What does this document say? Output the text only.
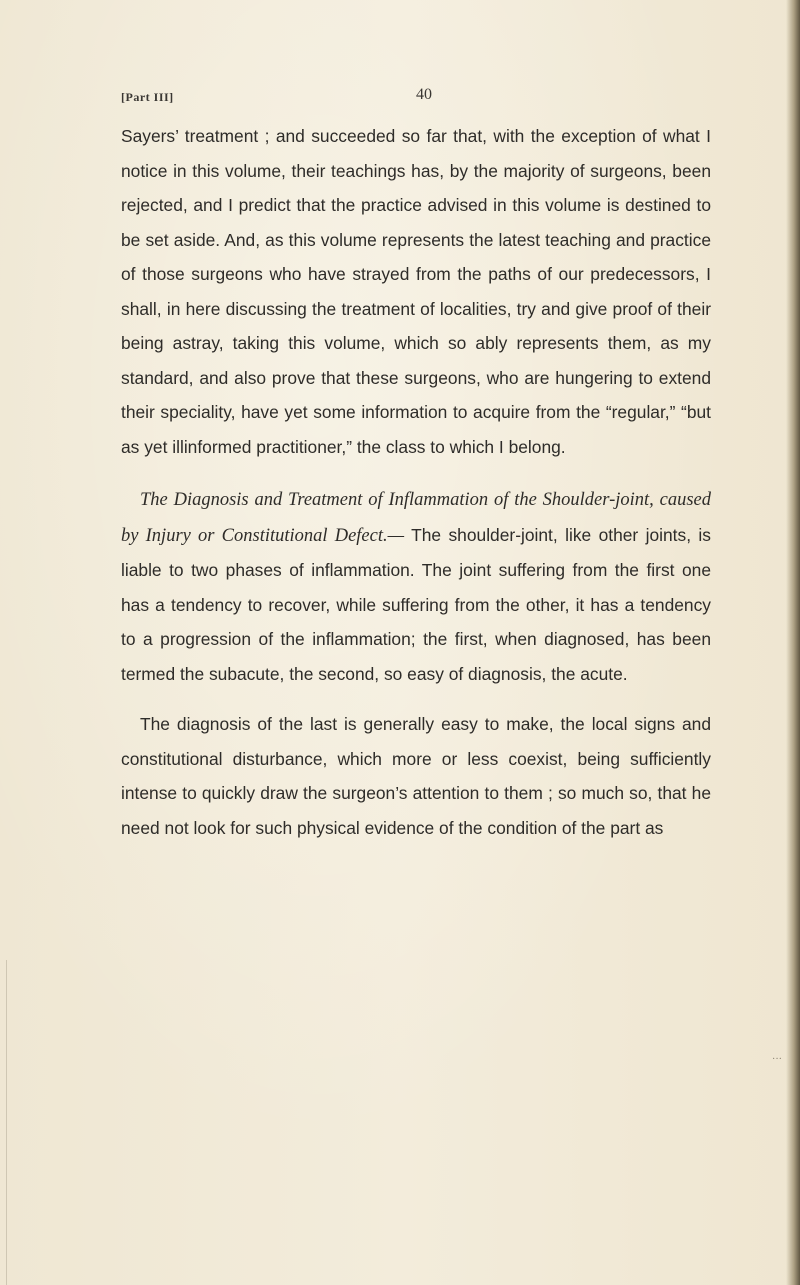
[Part III]	40

Sayers’ treatment ; and succeeded so far that, with the exception of what I notice in this volume, their teachings has, by the majority of surgeons, been rejected, and I predict that the practice advised in this volume is destined to be set aside. And, as this volume represents the latest teaching and practice of those surgeons who have strayed from the paths of our predecessors, I shall, in here discussing the treatment of localities, try and give proof of their being astray, taking this volume, which so ably represents them, as my standard, and also prove that these surgeons, who are hungering to extend their speciality, have yet some information to acquire from the “regular,” “but as yet illinformed practitioner,” the class to which I belong.

The Diagnosis and Treatment of Inflammation of the Shoulder-joint, caused by Injury or Constitutional Defect.— The shoulder-joint, like other joints, is liable to two phases of inflammation. The joint suffering from the first one has a tendency to recover, while suffering from the other, it has a tendency to a progression of the inflammation; the first, when diagnosed, has been termed the subacute, the second, so easy of diagnosis, the acute.

The diagnosis of the last is generally easy to make, the local signs and constitutional disturbance, which more or less coexist, being sufficiently intense to quickly draw the surgeon’s attention to them ; so much so, that he need not look for such physical evidence of the condition of the part as

···
